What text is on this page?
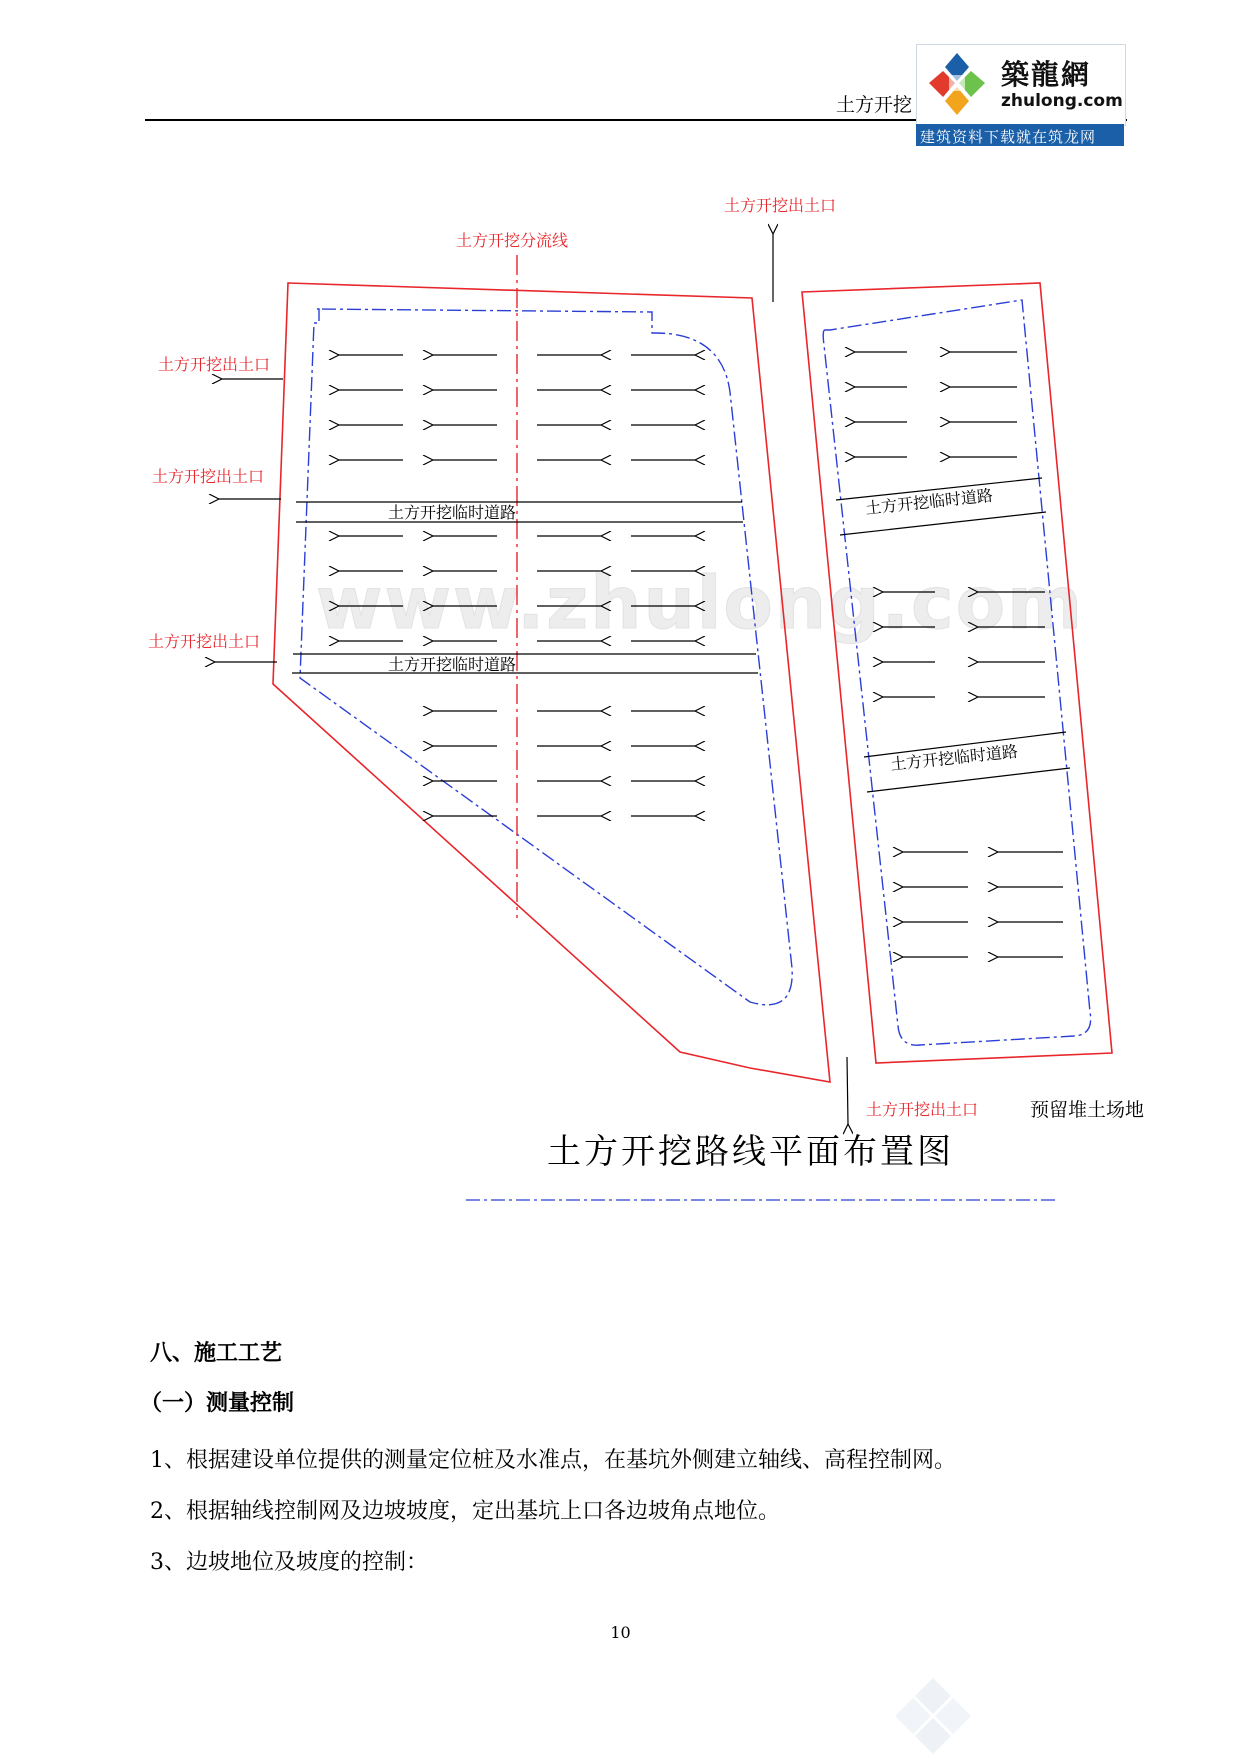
土方开挖
築龍網
zhulong.com
建筑资料下载就在筑龙网
www.zhulong.com
土方开挖临时道路
土方开挖临时道路
土方开挖临时道路
土方开挖临时道路
土方开挖分流线
土方开挖出土口
土方开挖出土口
土方开挖出土口
土方开挖出土口
土方开挖出土口	预留堆土场地
土方开挖路线平面布置图
八、施工工艺
（一）测量控制
1、根据建设单位提供的测量定位桩及水准点，在基坑外侧建立轴线、高程控制网。
2、根据轴线控制网及边坡坡度，定出基坑上口各边坡角点地位。
3、边坡地位及坡度的控制：
10
